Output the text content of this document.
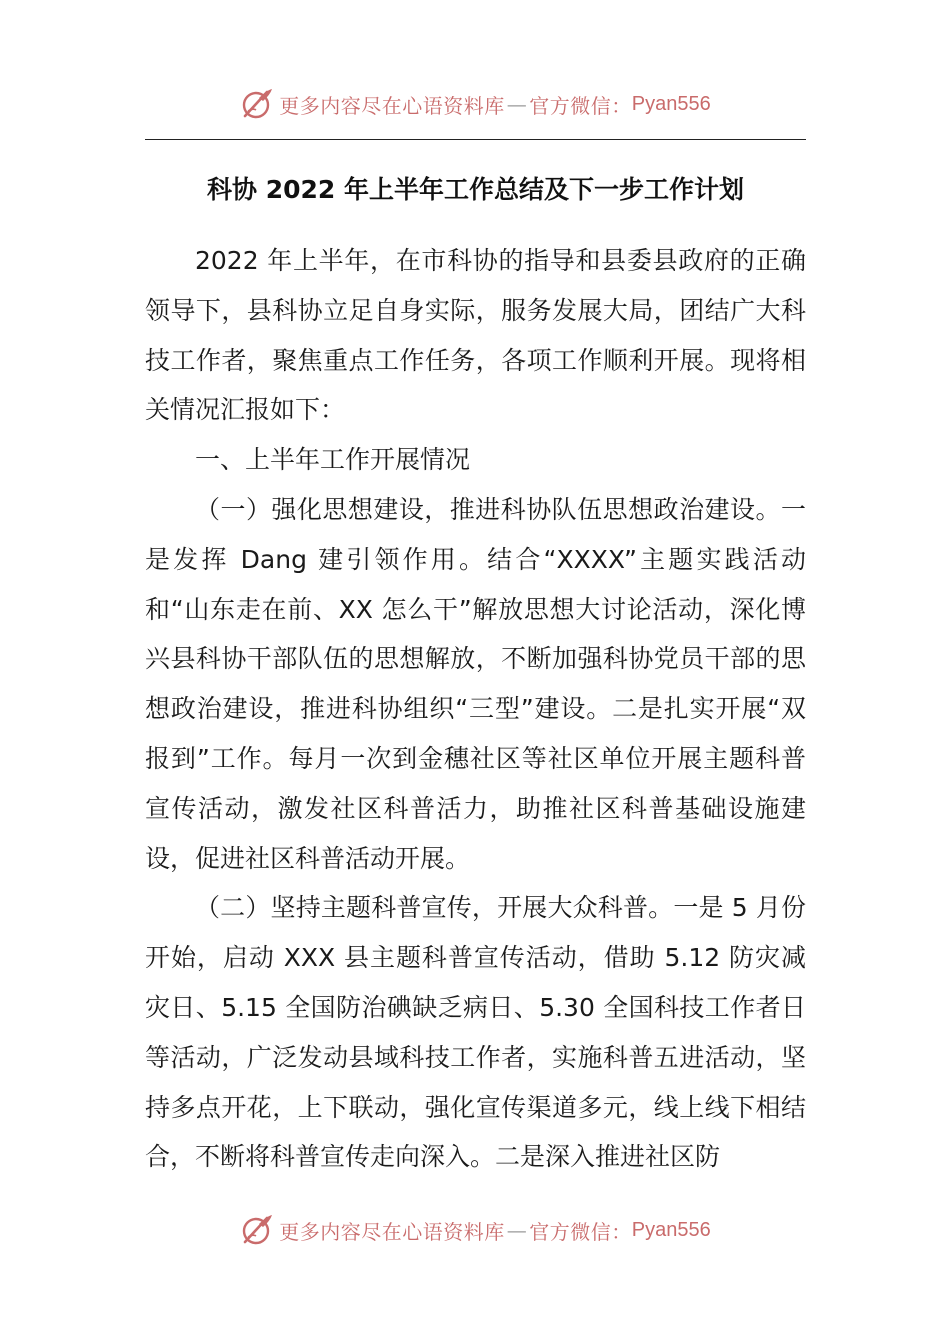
更多内容尽在心语资料库 — 官方微信： Pyan556
科协 2022 年上半年工作总结及下一步工作计划

2022 年上半年，在市科协的指导和县委县政府的正确领导下，县科协立足自身实际，服务发展大局，团结广大科技工作者，聚焦重点工作任务，各项工作顺利开展。现将相关情况汇报如下：

一、上半年工作开展情况

（一）强化思想建设，推进科协队伍思想政治建设。一是发挥 Dang 建引领作用。结合“XXXX”主题实践活动和“山东走在前、XX 怎么干”解放思想大讨论活动，深化博兴县科协干部队伍的思想解放，不断加强科协党员干部的思想政治建设，推进科协组织“三型”建设。二是扎实开展“双报到”工作。每月一次到金穗社区等社区单位开展主题科普宣传活动，激发社区科普活力，助推社区科普基础设施建设，促进社区科普活动开展。

（二）坚持主题科普宣传，开展大众科普。一是 5 月份开始，启动 XXX 县主题科普宣传活动，借助 5.12 防灾减灾日、5.15 全国防治碘缺乏病日、5.30 全国科技工作者日等活动，广泛发动县域科技工作者，实施科普五进活动，坚持多点开花，上下联动，强化宣传渠道多元，线上线下相结合，不断将科普宣传走向深入。二是深入推进社区防

更多内容尽在心语资料库 — 官方微信： Pyan556
